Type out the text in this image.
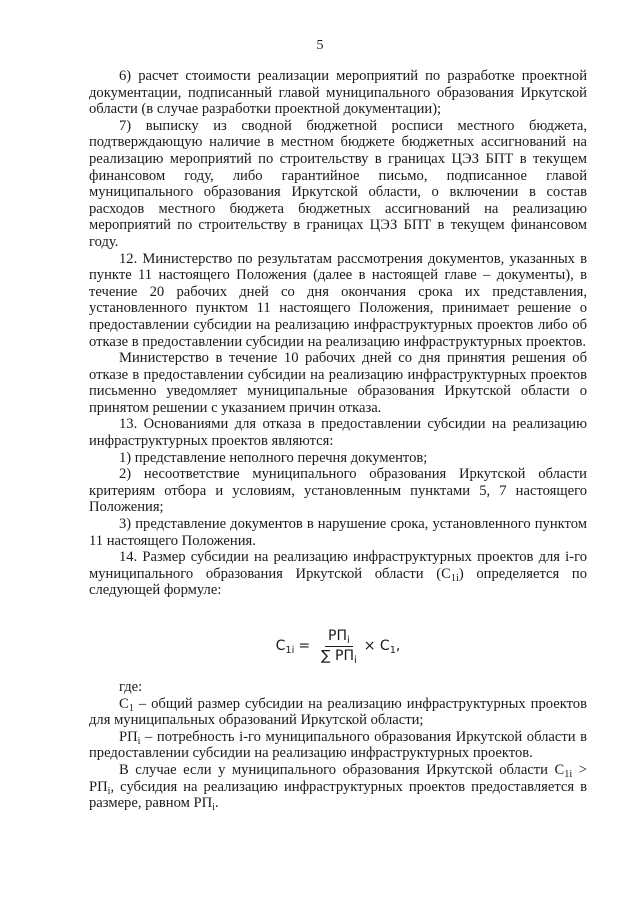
5

6) расчет стоимости реализации мероприятий по разработке проектной документации, подписанный главой муниципального образования Иркутской области (в случае разработки проектной документации);

7) выписку из сводной бюджетной росписи местного бюджета, подтверждающую наличие в местном бюджете бюджетных ассигнований на реализацию мероприятий по строительству в границах ЦЭЗ БПТ в текущем финансовом году, либо гарантийное письмо, подписанное главой муниципального образования Иркутской области, о включении в состав расходов местного бюджета бюджетных ассигнований на реализацию мероприятий по строительству в границах ЦЭЗ БПТ в текущем финансовом году.

12. Министерство по результатам рассмотрения документов, указанных в пункте 11 настоящего Положения (далее в настоящей главе – документы), в течение 20 рабочих дней со дня окончания срока их представления, установленного пунктом 11 настоящего Положения, принимает решение о предоставлении субсидии на реализацию инфраструктурных проектов либо об отказе в предоставлении субсидии на реализацию инфраструктурных проектов.

Министерство в течение 10 рабочих дней со дня принятия решения об отказе в предоставлении субсидии на реализацию инфраструктурных проектов письменно уведомляет муниципальные образования Иркутской области о принятом решении с указанием причин отказа.

13. Основаниями для отказа в предоставлении субсидии на реализацию инфраструктурных проектов являются:

1) представление неполного перечня документов;

2) несоответствие муниципального образования Иркутской области критериям отбора и условиям, установленным пунктами 5, 7 настоящего Положения;

3) представление документов в нарушение срока, установленного пунктом 11 настоящего Положения.

14. Размер субсидии на реализацию инфраструктурных проектов для i-го муниципального образования Иркутской области $(С_{1i})$ определяется по следующей формуле:

$С_{1i} = \frac{РП_i}{\sum РП_i} \times С_1$,

где:

$С_1$ – общий размер субсидии на реализацию инфраструктурных проектов для муниципальных образований Иркутской области;

$РП_i$ – потребность i-го муниципального образования Иркутской области в предоставлении субсидии на реализацию инфраструктурных проектов.

В случае если у муниципального образования Иркутской области $С_{1i} > РП_i$, субсидия на реализацию инфраструктурных проектов предоставляется в размере, равном $РП_i$.
